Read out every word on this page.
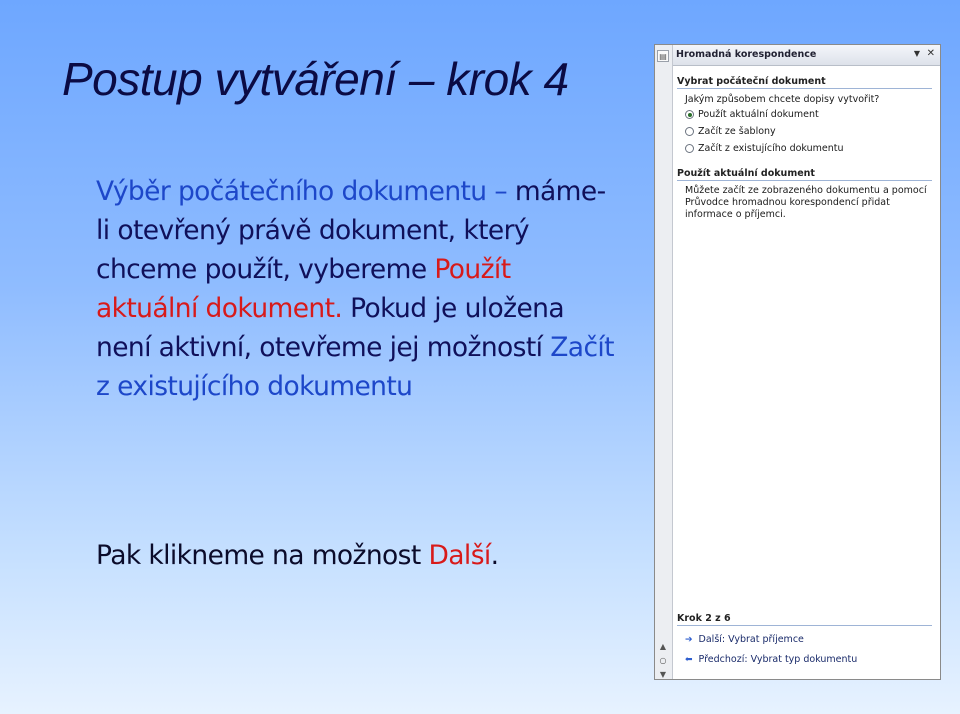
Postup vytváření – krok 4
Výběr počátečního dokumentu – máme-li otevřený právě dokument, který chceme použít, vybereme Použít aktuální dokument. Pokud je uložena není aktivní, otevřeme jej možností Začít z existujícího dokumentu
Pak klikneme na možnost Další.
▤
▲
○
▼
Hromadná korespondence	▼ ✕
Vybrat počáteční dokument
Jakým způsobem chcete dopisy vytvořit?
Použít aktuální dokument
Začít ze šablony
Začít z existujícího dokumentu
Použít aktuální dokument
Můžete začít ze zobrazeného dokumentu a pomocí Průvodce hromadnou korespondencí přidat informace o příjemci.
Krok 2 z 6
➔ Další: Vybrat příjemce
⬅ Předchozí: Vybrat typ dokumentu
